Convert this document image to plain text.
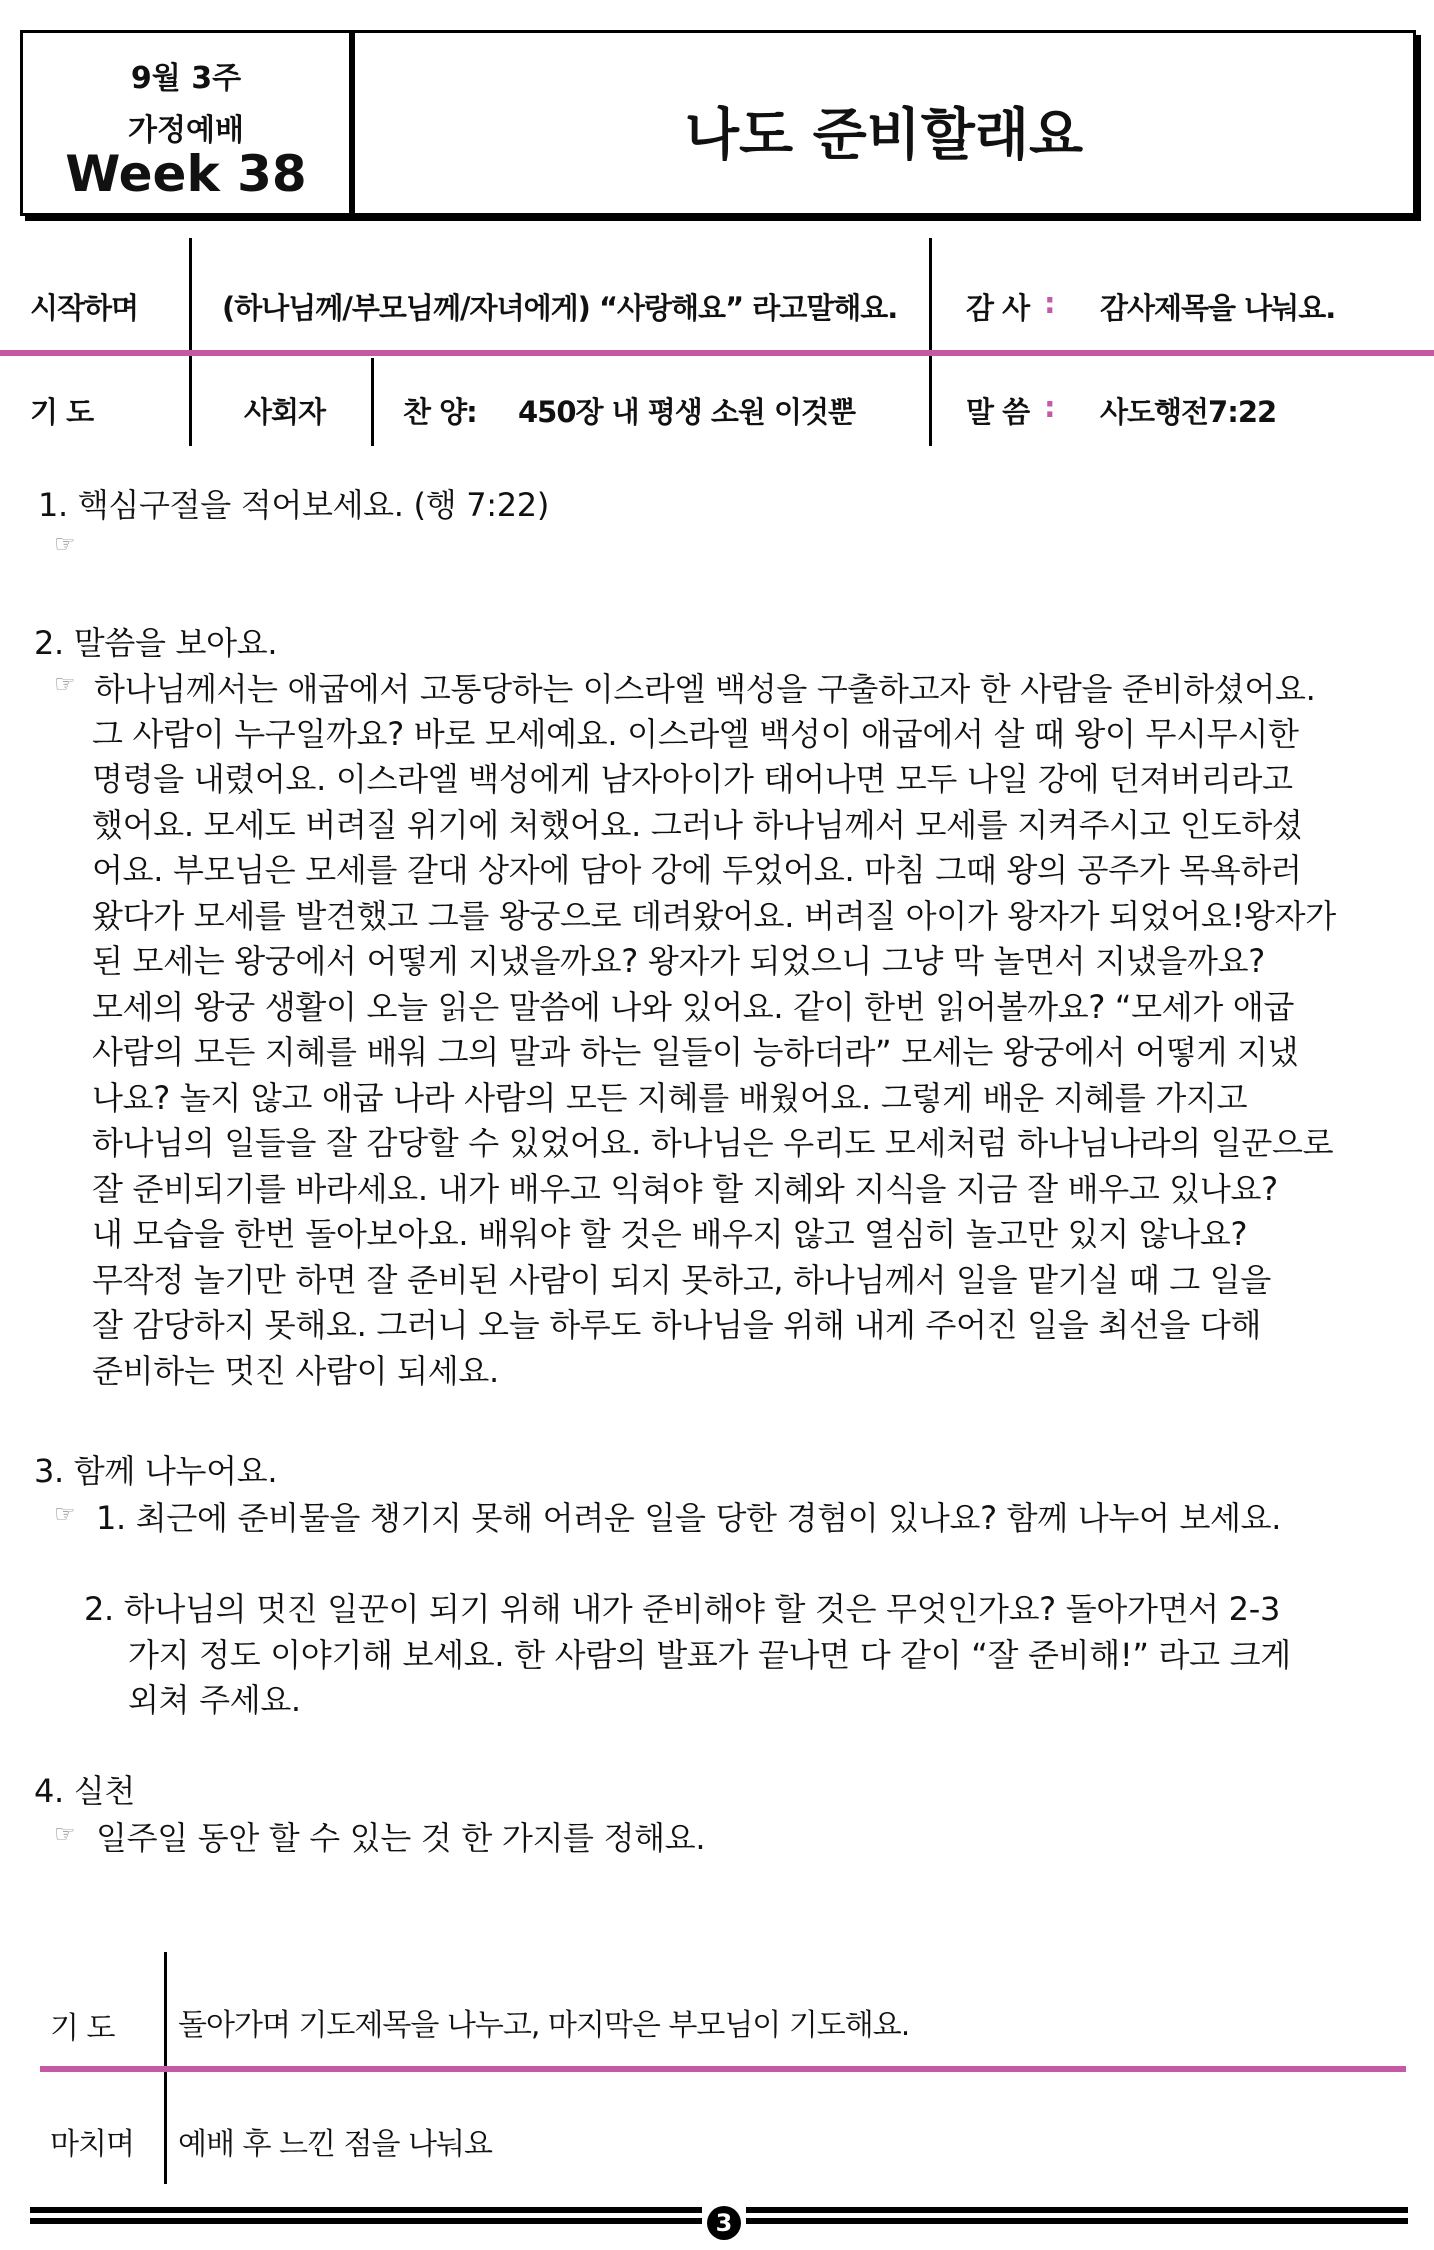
9월 3주
가정예배
Week 38
나도 준비할래요
시작하며	(하나님께/부모님께/자녀에게) “사랑해요” 라고말해요. 감 사 : 감사제목을 나눠요.
기 도	사회자	찬 양: 450장 내 평생 소원 이것뿐	말 씀 : 사도행전7:22
1. 핵심구절을 적어보세요. (행 7:22)
☞
2. 말씀을 보아요.
☞ 하나님께서는 애굽에서 고통당하는 이스라엘 백성을 구출하고자 한 사람을 준비하셨어요.
그 사람이 누구일까요? 바로 모세예요. 이스라엘 백성이 애굽에서 살 때 왕이 무시무시한
명령을 내렸어요. 이스라엘 백성에게 남자아이가 태어나면 모두 나일 강에 던져버리라고
했어요. 모세도 버려질 위기에 처했어요. 그러나 하나님께서 모세를 지켜주시고 인도하셨
어요. 부모님은 모세를 갈대 상자에 담아 강에 두었어요. 마침 그때 왕의 공주가 목욕하러
왔다가 모세를 발견했고 그를 왕궁으로 데려왔어요. 버려질 아이가 왕자가 되었어요!왕자가
된 모세는 왕궁에서 어떻게 지냈을까요? 왕자가 되었으니 그냥 막 놀면서 지냈을까요?
모세의 왕궁 생활이 오늘 읽은 말씀에 나와 있어요. 같이 한번 읽어볼까요? “모세가 애굽
사람의 모든 지혜를 배워 그의 말과 하는 일들이 능하더라” 모세는 왕궁에서 어떻게 지냈
나요? 놀지 않고 애굽 나라 사람의 모든 지혜를 배웠어요. 그렇게 배운 지혜를 가지고
하나님의 일들을 잘 감당할 수 있었어요. 하나님은 우리도 모세처럼 하나님나라의 일꾼으로
잘 준비되기를 바라세요. 내가 배우고 익혀야 할 지혜와 지식을 지금 잘 배우고 있나요?
내 모습을 한번 돌아보아요. 배워야 할 것은 배우지 않고 열심히 놀고만 있지 않나요?
무작정 놀기만 하면 잘 준비된 사람이 되지 못하고, 하나님께서 일을 맡기실 때 그 일을
잘 감당하지 못해요. 그러니 오늘 하루도 하나님을 위해 내게 주어진 일을 최선을 다해
준비하는 멋진 사람이 되세요.
3. 함께 나누어요.
☞ 1. 최근에 준비물을 챙기지 못해 어려운 일을 당한 경험이 있나요? 함께 나누어 보세요.
2. 하나님의 멋진 일꾼이 되기 위해 내가 준비해야 할 것은 무엇인가요? 돌아가면서 2-3
가지 정도 이야기해 보세요. 한 사람의 발표가 끝나면 다 같이 “잘 준비해!” 라고 크게
외쳐 주세요.
4. 실천
☞ 일주일 동안 할 수 있는 것 한 가지를 정해요.
기 도 돌아가며 기도제목을 나누고, 마지막은 부모님이 기도해요.
마치며 예배 후 느낀 점을 나눠요
3
